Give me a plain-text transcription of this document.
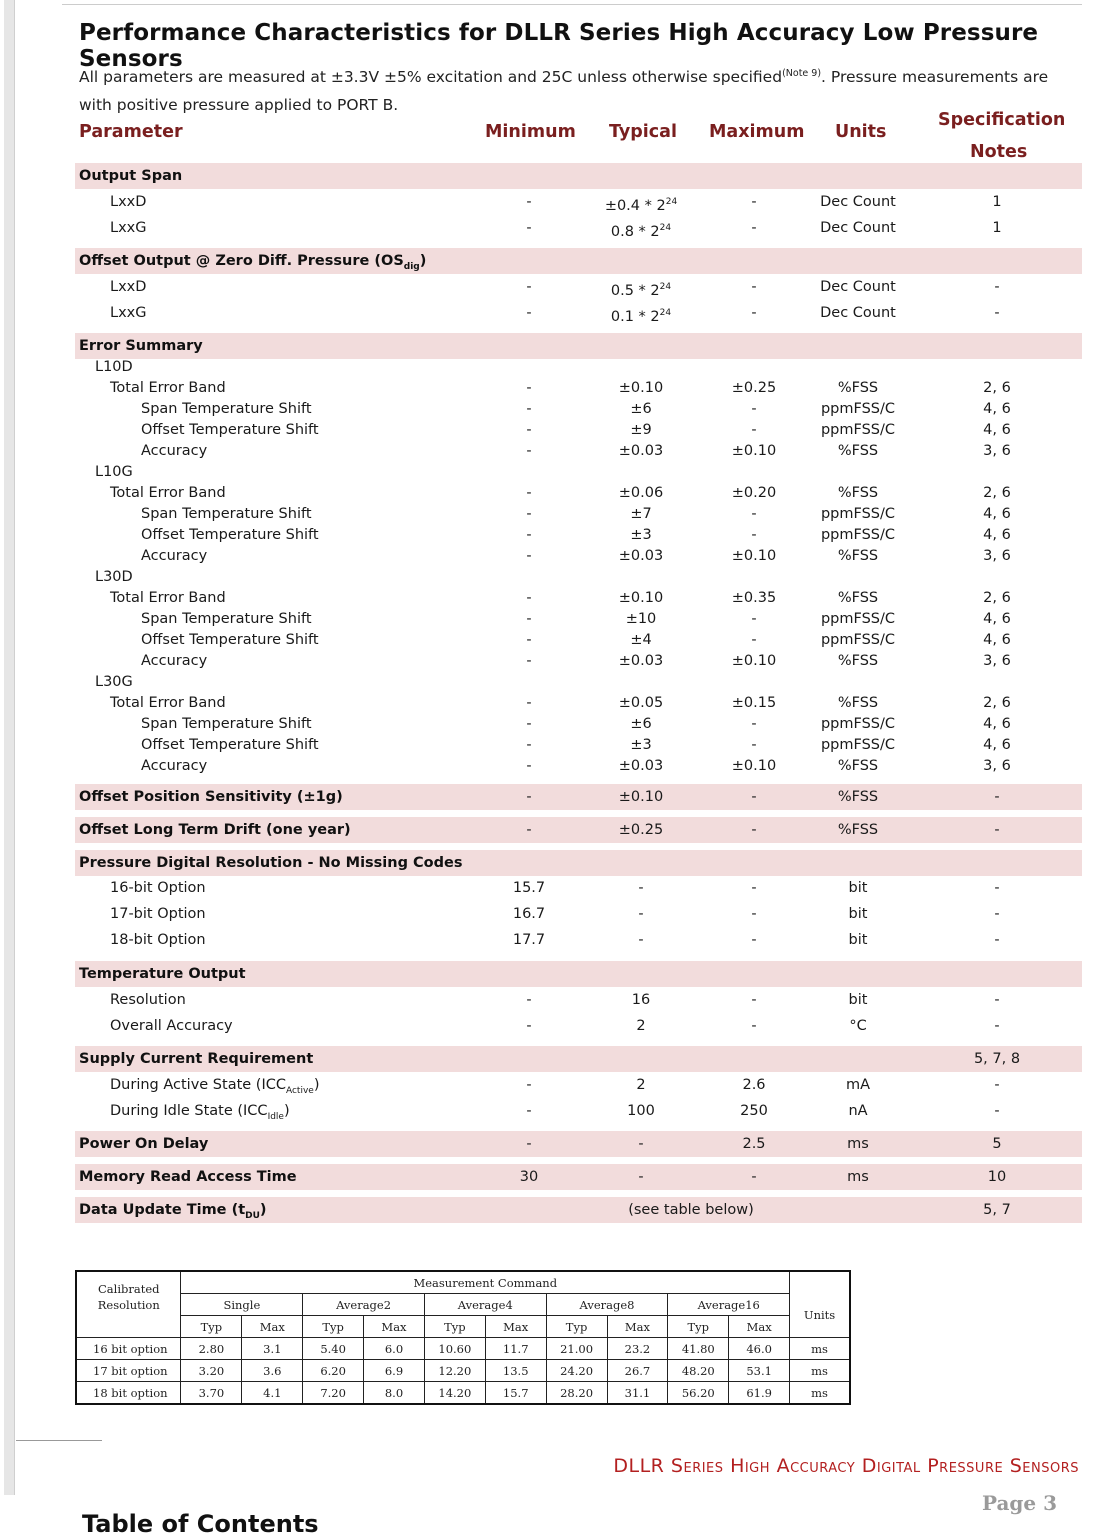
Performance Characteristics for DLLR Series High Accuracy Low Pressure Sensors

All parameters are measured at ±3.3V ±5% excitation and 25C unless otherwise specified$^{(Note 9)}$. Pressure measurements are with positive pressure applied to PORT B.

Parameter	Minimum Typical Maximum Units
Specification
Notes
Output Span
LxxD	-	$\pm 0.4 * 2^{24}$	-	Dec Count	1
LxxG	-	$0.8 * 2^{24}$	-	Dec Count	1
Offset Output @ Zero Diff. Pressure $(OS_{dig})$
LxxD	-	$0.5 * 2^{24}$	-	Dec Count	-
LxxG	-	$0.1 * 2^{24}$	-	Dec Count	-
Error Summary
L10D
Total Error Band	-	±0.10	±0.25	%FSS	2, 6
Span Temperature Shift	-	±6	-	ppmFSS/C	4, 6
Offset Temperature Shift	-	±9	-	ppmFSS/C	4, 6
Accuracy	-	±0.03	±0.10	%FSS	3, 6
L10G
Total Error Band	-	±0.06	±0.20	%FSS	2, 6
Span Temperature Shift	-	±7	-	ppmFSS/C	4, 6
Offset Temperature Shift	-	±3	-	ppmFSS/C	4, 6
Accuracy	-	±0.03	±0.10	%FSS	3, 6
L30D
Total Error Band	-	±0.10	±0.35	%FSS	2, 6
Span Temperature Shift	-	±10	-	ppmFSS/C	4, 6
Offset Temperature Shift	-	±4	-	ppmFSS/C	4, 6
Accuracy	-	±0.03	±0.10	%FSS	3, 6
L30G
Total Error Band	-	±0.05	±0.15	%FSS	2, 6
Span Temperature Shift	-	±6	-	ppmFSS/C	4, 6
Offset Temperature Shift	-	±3	-	ppmFSS/C	4, 6
Accuracy	-	±0.03	±0.10	%FSS	3, 6
Offset Position Sensitivity (±1g)	-	±0.10	-	%FSS	-
Offset Long Term Drift (one year)	-	±0.25	-	%FSS	-
Pressure Digital Resolution - No Missing Codes
16-bit Option	15.7	-	-	bit	-
17-bit Option	16.7	-	-	bit	-
18-bit Option	17.7	-	-	bit	-
Temperature Output
Resolution	-	16	-	bit	-
Overall Accuracy	-	2	-	°C	-
Supply Current Requirement	5, 7, 8
During Active State $(ICC_{Active})$	-	2	2.6	mA	-
During Idle State $(ICC_{Idle})$	-	100	250	nA	-
Power On Delay	-	-	2.5	ms	5
Memory Read Access Time	30	-	-	ms	10
Data Update Time $(t_{DU})$	(see table below)	5, 7
Calibrated
Resolution	Measurement Command										
	Single		Average2		Average4		Average8		Average16		Units
	Typ	Max	Typ	Max	Typ	Max	Typ	Max	Typ	Max	
16 bit option	2.80	3.1	5.40	6.0	10.60	11.7	21.00	23.2	41.80	46.0	ms
17 bit option	3.20	3.6	6.20	6.9	12.20	13.5	24.20	26.7	48.20	53.1	ms
18 bit option	3.70	4.1	7.20	8.0	14.20	15.7	28.20	31.1	56.20	61.9	ms
DLLR Series High Accuracy Digital Pressure Sensors
Page 3
Table of Contents
